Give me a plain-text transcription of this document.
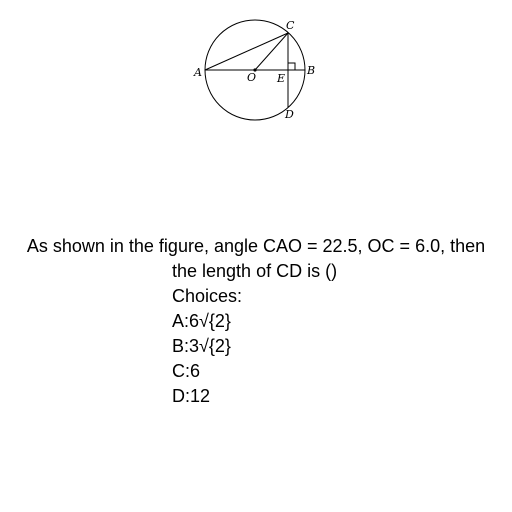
C
A	O E
B
D
As shown in the figure, angle CAO = 22.5, OC = 6.0, then
the length of CD is ()
Choices:
A:6√{2}
B:3√{2}
C:6
D:12
